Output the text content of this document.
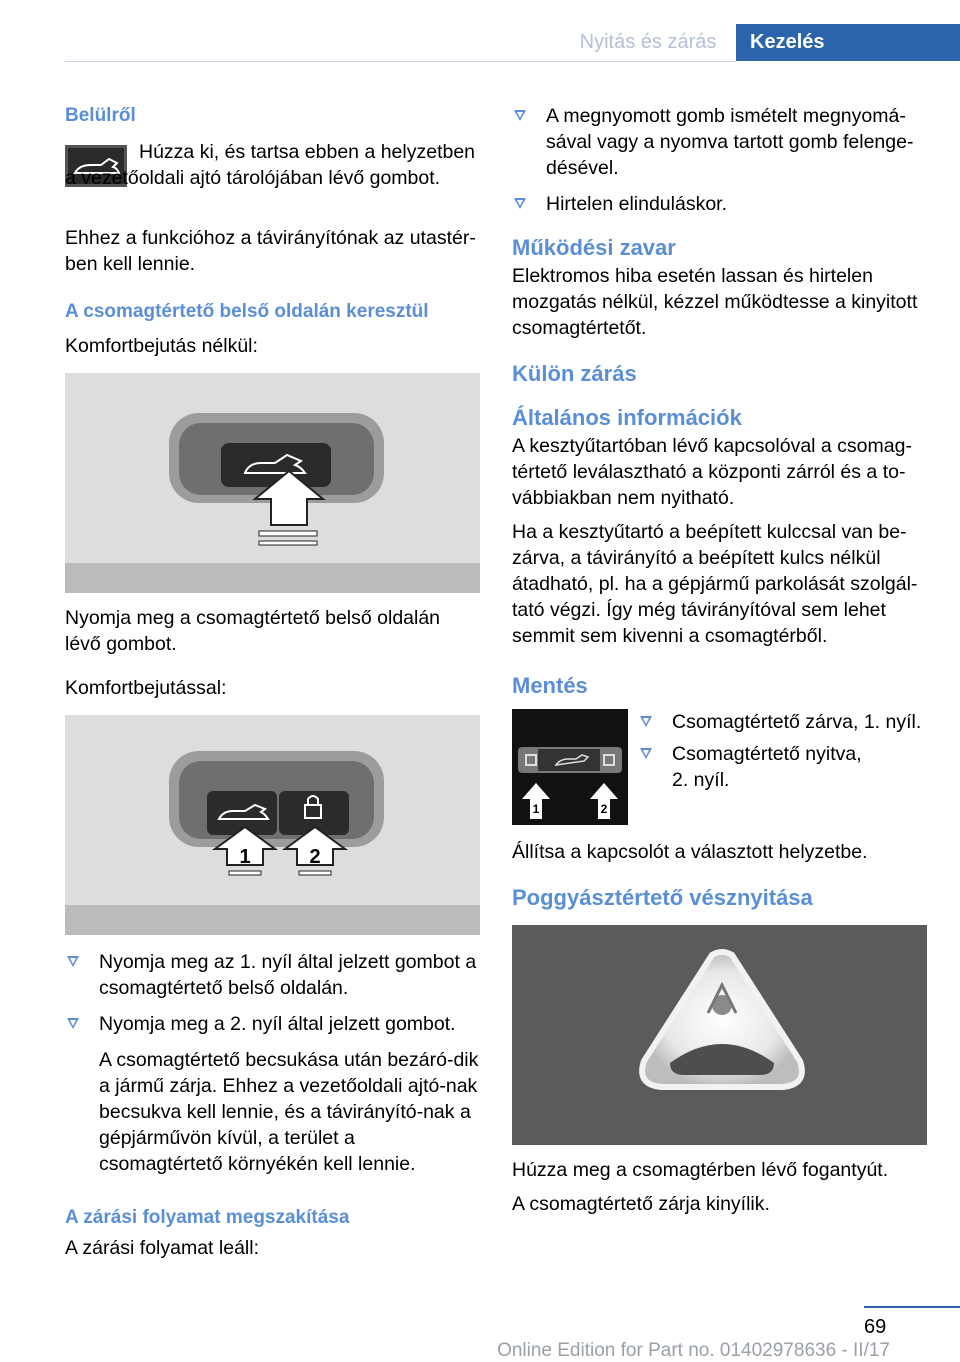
Nyitás és zárás	Kezelés

Belülről

Húzza ki, és tartsa ebben a helyzetben a vezetőoldali ajtó tárolójában lévő gombot.

Ehhez a funkcióhoz a távirányítónak az utastér-ben kell lennie.

A csomagtértető belső oldalán keresztül

Komfortbejutás nélkül:

Nyomja meg a csomagtértető belső oldalán lévő gombot.

Komfortbejutással:

1	2
Nyomja meg az 1. nyíl által jelzett gombot a csomagtértető belső oldalán.
Nyomja meg a 2. nyíl által jelzett gombot.

A csomagtértető becsukása után bezáró-dik a jármű zárja. Ehhez a vezetőoldali ajtó-nak becsukva kell lennie, és a távirányító-nak a gépjárművön kívül, a terület a csomagtértető környékén kell lennie.

A zárási folyamat megszakítása

A zárási folyamat leáll:

A megnyomott gomb ismételt megnyomá-sával vagy a nyomva tartott gomb felenge-désével.
Hirtelen elinduláskor.

Működési zavar

Elektromos hiba esetén lassan és hirtelen mozgatás nélkül, kézzel működtesse a kinyitott csomagtértetőt.

Külön zárás

Általános információk

A kesztyűtartóban lévő kapcsolóval a csomag-tértető leválasztható a központi zárról és a to-vábbiakban nem nyitható.

Ha a kesztyűtartó a beépített kulccsal van be-zárva, a távirányító a beépített kulcs nélkül átadható, pl. ha a gépjármű parkolását szolgál-tató végzi. Így még távirányítóval sem lehet semmit sem kivenni a csomagtérből.

Mentés

1	2
Csomagtértető zárva, 1. nyíl.
Csomagtértető nyitva, 2. nyíl.

Állítsa a kapcsolót a választott helyzetbe.

Poggyásztértető vésznyitása

Húzza meg a csomagtérben lévő fogantyút.

A csomagtértető zárja kinyílik.

69
Online Edition for Part no. 01402978636 - II/17
